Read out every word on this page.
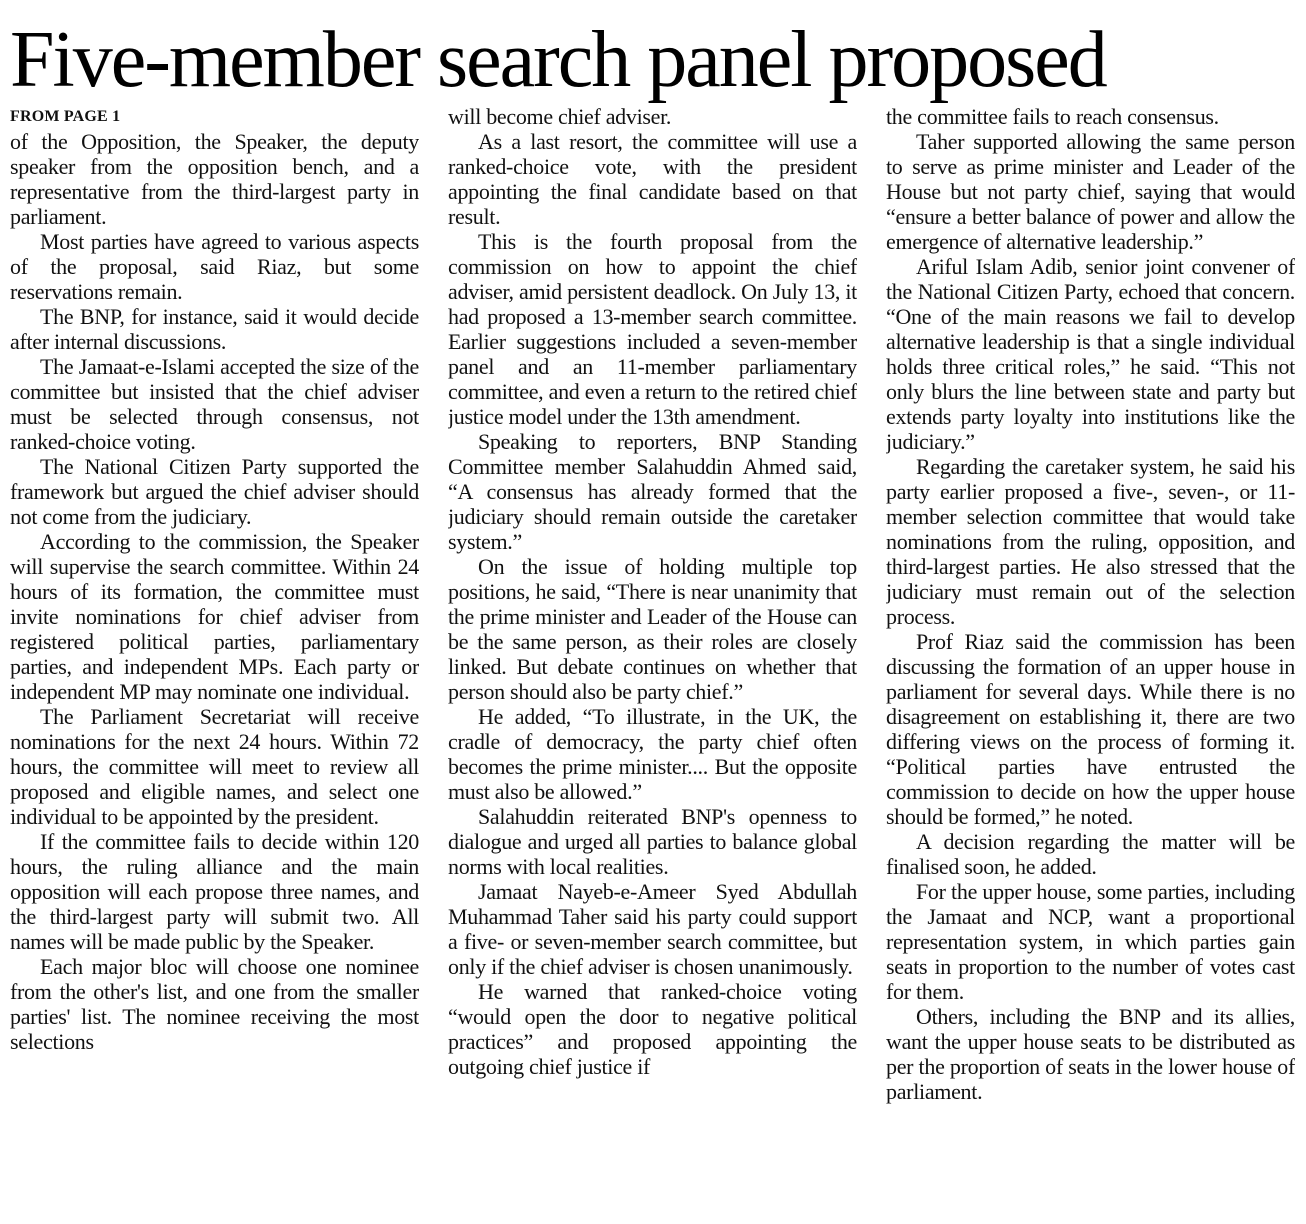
Five-member search panel proposed
FROM PAGE 1

of the Opposition, the Speaker, the deputy speaker from the opposition bench, and a representative from the third-largest party in parliament.

Most parties have agreed to various aspects of the proposal, said Riaz, but some reservations remain.

The BNP, for instance, said it would decide after internal discussions.

The Jamaat-e-Islami accepted the size of the committee but insisted that the chief adviser must be selected through consensus, not ranked-choice voting.

The National Citizen Party supported the framework but argued the chief adviser should not come from the judiciary.

According to the commission, the Speaker will supervise the search committee. Within 24 hours of its formation, the committee must invite nominations for chief adviser from registered political parties, parliamentary parties, and independent MPs. Each party or independent MP may nominate one individual.

The Parliament Secretariat will receive nominations for the next 24 hours. Within 72 hours, the committee will meet to review all proposed and eligible names, and select one individual to be appointed by the president.

If the committee fails to decide within 120 hours, the ruling alliance and the main opposition will each propose three names, and the third-largest party will submit two. All names will be made public by the Speaker.

Each major bloc will choose one nominee from the other's list, and one from the smaller parties' list. The nominee receiving the most selections

will become chief adviser.

As a last resort, the committee will use a ranked-choice vote, with the president appointing the final candidate based on that result.

This is the fourth proposal from the commission on how to appoint the chief adviser, amid persistent deadlock. On July 13, it had proposed a 13-member search committee. Earlier suggestions included a seven-member panel and an 11-member parliamentary committee, and even a return to the retired chief justice model under the 13th amendment.

Speaking to reporters, BNP Standing Committee member Salahuddin Ahmed said, “A consensus has already formed that the judiciary should remain outside the caretaker system.”

On the issue of holding multiple top positions, he said, “There is near unanimity that the prime minister and Leader of the House can be the same person, as their roles are closely linked. But debate continues on whether that person should also be party chief.”

He added, “To illustrate, in the UK, the cradle of democracy, the party chief often becomes the prime minister.... But the opposite must also be allowed.”

Salahuddin reiterated BNP's openness to dialogue and urged all parties to balance global norms with local realities.

Jamaat Nayeb-e-Ameer Syed Abdullah Muhammad Taher said his party could support a five- or seven-member search committee, but only if the chief adviser is chosen unanimously.

He warned that ranked-choice voting “would open the door to negative political practices” and proposed appointing the outgoing chief justice if

the committee fails to reach consensus.

Taher supported allowing the same person to serve as prime minister and Leader of the House but not party chief, saying that would “ensure a better balance of power and allow the emergence of alternative leadership.”

Ariful Islam Adib, senior joint convener of the National Citizen Party, echoed that concern. “One of the main reasons we fail to develop alternative leadership is that a single individual holds three critical roles,” he said. “This not only blurs the line between state and party but extends party loyalty into institutions like the judiciary.”

Regarding the caretaker system, he said his party earlier proposed a five-, seven-, or 11-member selection committee that would take nominations from the ruling, opposition, and third-largest parties. He also stressed that the judiciary must remain out of the selection process.

Prof Riaz said the commission has been discussing the formation of an upper house in parliament for several days. While there is no disagreement on establishing it, there are two differing views on the process of forming it. “Political parties have entrusted the commission to decide on how the upper house should be formed,” he noted.

A decision regarding the matter will be finalised soon, he added.

For the upper house, some parties, including the Jamaat and NCP, want a proportional representation system, in which parties gain seats in proportion to the number of votes cast for them.

Others, including the BNP and its allies, want the upper house seats to be distributed as per the proportion of seats in the lower house of parliament.
